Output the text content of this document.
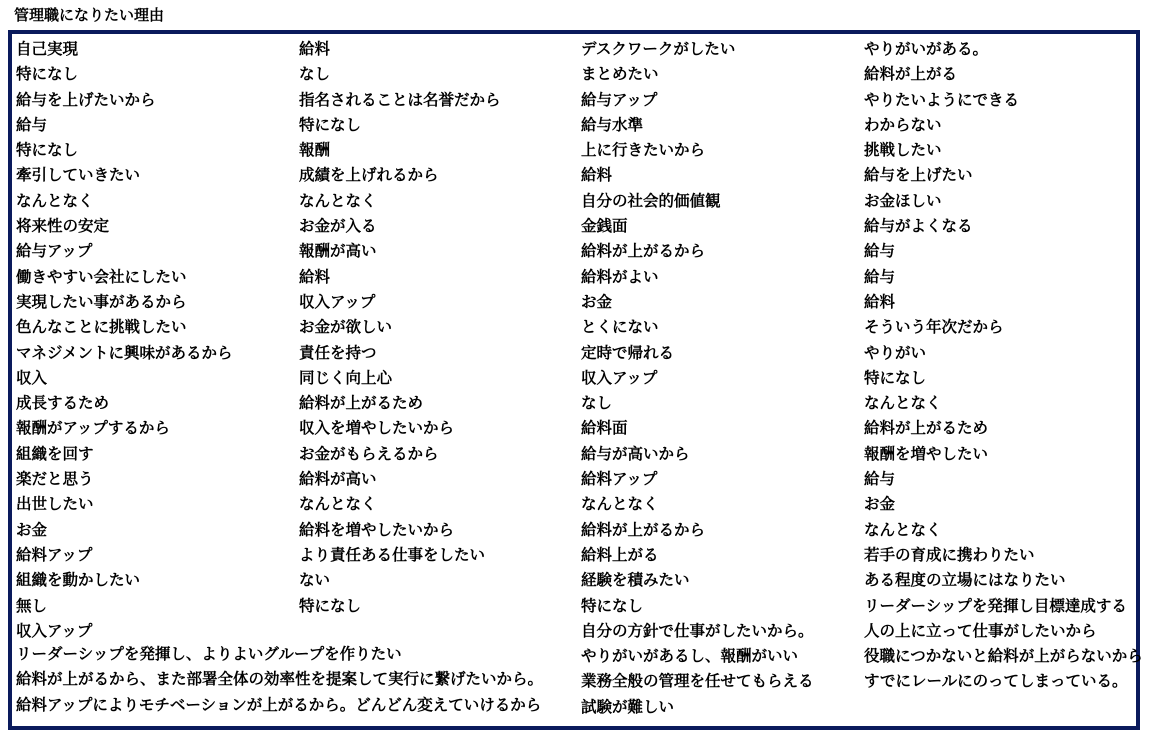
管理職になりたい理由
自己実現
特になし
給与を上げたいから
給与
特になし
牽引していきたい
なんとなく
将来性の安定
給与アップ
働きやすい会社にしたい
実現したい事があるから
色んなことに挑戦したい
マネジメントに興味があるから
収入
成長するため
報酬がアップするから
組織を回す
楽だと思う
出世したい
お金
給料アップ
組織を動かしたい
無し
収入アップ
給料
なし
指名されることは名誉だから
特になし
報酬
成績を上げれるから
なんとなく
お金が入る
報酬が高い
給料
収入アップ
お金が欲しい
責任を持つ
同じく向上心
給料が上がるため
収入を増やしたいから
お金がもらえるから
給料が高い
なんとなく
給料を増やしたいから
より責任ある仕事をしたい
ない
特になし
デスクワークがしたい
まとめたい
給与アップ
給与水準
上に行きたいから
給料
自分の社会的価値観
金銭面
給料が上がるから
給料がよい
お金
とくにない
定時で帰れる
収入アップ
なし
給料面
給与が高いから
給料アップ
なんとなく
給料が上がるから
給料上がる
経験を積みたい
特になし
自分の方針で仕事がしたいから。
やりがいがあるし、報酬がいい
業務全般の管理を任せてもらえる
試験が難しい
やりがいがある。
給料が上がる
やりたいようにできる
わからない
挑戦したい
給与を上げたい
お金ほしい
給与がよくなる
給与
給与
給料
そういう年次だから
やりがい
特になし
なんとなく
給料が上がるため
報酬を増やしたい
給与
お金
なんとなく
若手の育成に携わりたい
ある程度の立場にはなりたい
リーダーシップを発揮し目標達成する
人の上に立って仕事がしたいから
役職につかないと給料が上がらないから
すでにレールにのってしまっている。
リーダーシップを発揮し、よりよいグループを作りたい
給料が上がるから、また部署全体の効率性を提案して実行に繋げたいから。
給料アップによりモチベーションが上がるから。どんどん変えていけるから
